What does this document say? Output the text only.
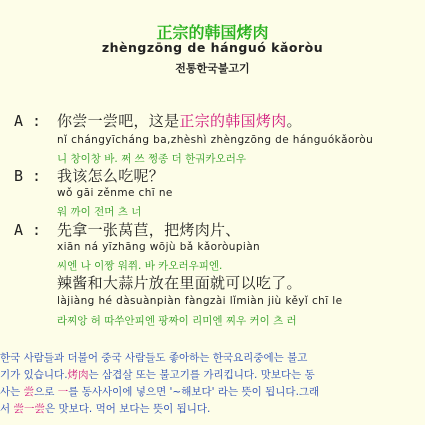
正宗的韩国烤肉
zhèngzōng de hánguó kǎoròu
전통한국불고기
A : 你尝一尝吧，这是正宗的韩国烤肉。
nǐ chángyīcháng ba,zhèshì zhèngzōng de hánguókǎoròu
니 창이창 바. 쩌 쓰 쩡종 더 한궈카오러우
B : 我该怎么吃呢？
wǒ gāi zěnme chī ne
워 까이 전머 츠 너
A : 先拿一张莴苣，把烤肉片、
xiān ná yīzhāng wōjù bǎ kǎoròupiàn
씨엔 나 이짱 워쮜. 바 카오러우피엔.
辣酱和大蒜片放在里面就可以吃了。
làjiàng hé dàsuànpiàn fàngzài lǐmiàn jiù kěyǐ chī le
라찌앙 허 따쑤안피엔 팡짜이 리미엔 찌우 커이 츠 러
한국 사람들과 더불어 중국 사람들도 좋아하는 한국요리중에는 불고
기가 있습니다.烤肉는 삼겹살 또는 불고기를 가리킵니다. 맛보다는 동
사는 尝으로 一를 동사사이에 넣으면 '~해보다' 라는 뜻이 됩니다.그래
서 尝一尝은 맛보다. 먹어 보다는 뜻이 됩니다.
